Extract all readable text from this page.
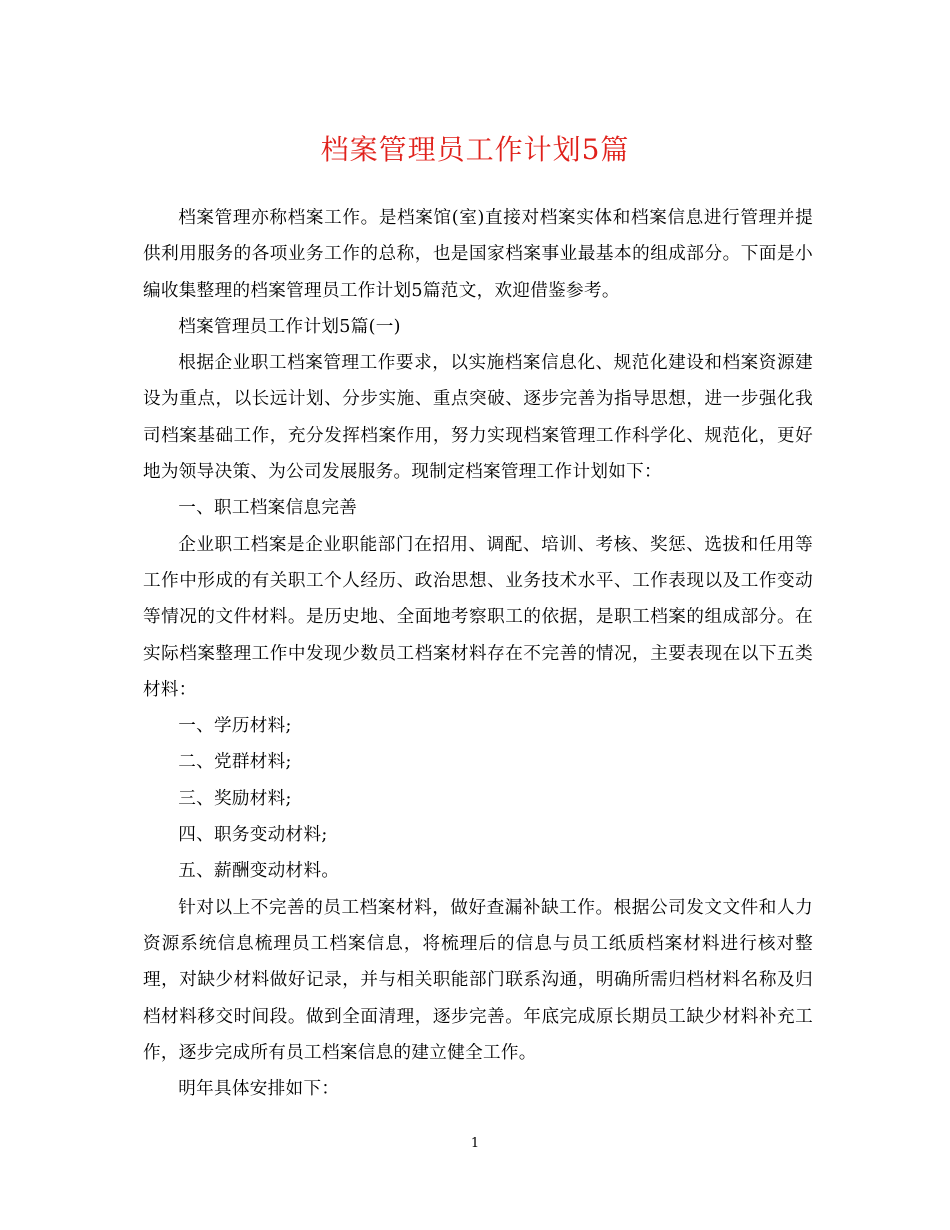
档案管理员工作计划5篇

档案管理亦称档案工作。是档案馆(室)直接对档案实体和档案信息进行管理并提供利用服务的各项业务工作的总称，也是国家档案事业最基本的组成部分。下面是小编收集整理的档案管理员工作计划5篇范文，欢迎借鉴参考。

档案管理员工作计划5篇(一)

根据企业职工档案管理工作要求，以实施档案信息化、规范化建设和档案资源建设为重点，以长远计划、分步实施、重点突破、逐步完善为指导思想，进一步强化我司档案基础工作，充分发挥档案作用，努力实现档案管理工作科学化、规范化，更好地为领导决策、为公司发展服务。现制定档案管理工作计划如下：

一、职工档案信息完善

企业职工档案是企业职能部门在招用、调配、培训、考核、奖惩、选拔和任用等工作中形成的有关职工个人经历、政治思想、业务技术水平、工作表现以及工作变动等情况的文件材料。是历史地、全面地考察职工的依据，是职工档案的组成部分。在实际档案整理工作中发现少数员工档案材料存在不完善的情况，主要表现在以下五类材料：

一、学历材料;

二、党群材料;

三、奖励材料;

四、职务变动材料;

五、薪酬变动材料。

针对以上不完善的员工档案材料，做好查漏补缺工作。根据公司发文文件和人力资源系统信息梳理员工档案信息，将梳理后的信息与员工纸质档案材料进行核对整理，对缺少材料做好记录，并与相关职能部门联系沟通，明确所需归档材料名称及归档材料移交时间段。做到全面清理，逐步完善。年底完成原长期员工缺少材料补充工作，逐步完成所有员工档案信息的建立健全工作。

明年具体安排如下：

1
